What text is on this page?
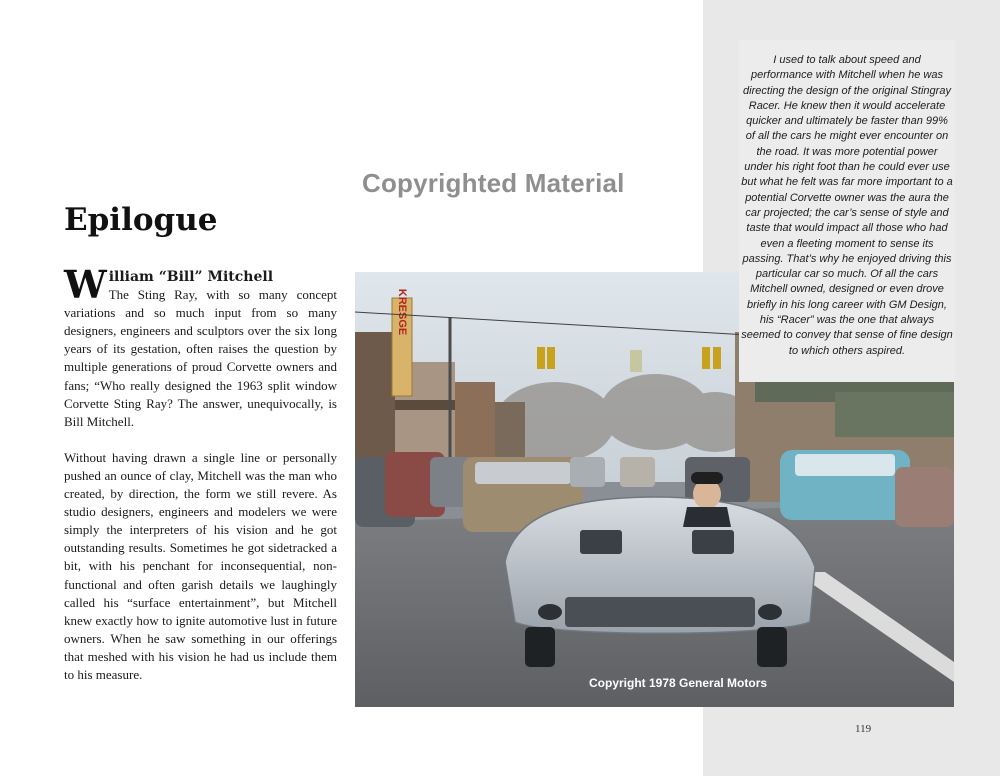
Copyrighted Material
Epilogue
W illiam “Bill” Mitchell
The Sting Ray, with so many concept variations and so much input from so many designers, engineers and sculptors over the six long years of its gestation, often raises the question by multiple generations of proud Corvette owners and fans; “Who really designed the 1963 split window Corvette Sting Ray? The answer, unequivocally, is Bill Mitchell.
Without having drawn a single line or personally pushed an ounce of clay, Mitchell was the man who created, by direction, the form we still revere. As studio designers, engineers and modelers we were simply the interpreters of his vision and he got outstanding results. Sometimes he got sidetracked a bit, with his penchant for inconsequential, non-functional and often garish details we laughingly called his “surface entertainment”, but Mitchell knew exactly how to ignite automotive lust in future owners. When he saw something in our offerings that meshed with his vision he had us include them to his measure.
KRESGE
Copyright 1978 General Motors
I used to talk about speed and performance with Mitchell when he was directing the design of the original Stingray Racer. He knew then it would accelerate quicker and ultimately be faster than 99% of all the cars he might ever encounter on the road. It was more potential power under his right foot than he could ever use but what he felt was far more important to a potential Corvette owner was the aura the car projected; the car’s sense of style and taste that would impact all those who had even a fleeting moment to sense its passing. That’s why he enjoyed driving this particular car so much. Of all the cars Mitchell owned, designed or even drove briefly in his long career with GM Design, his “Racer” was the one that always seemed to convey that sense of fine design to which others aspired.
119
